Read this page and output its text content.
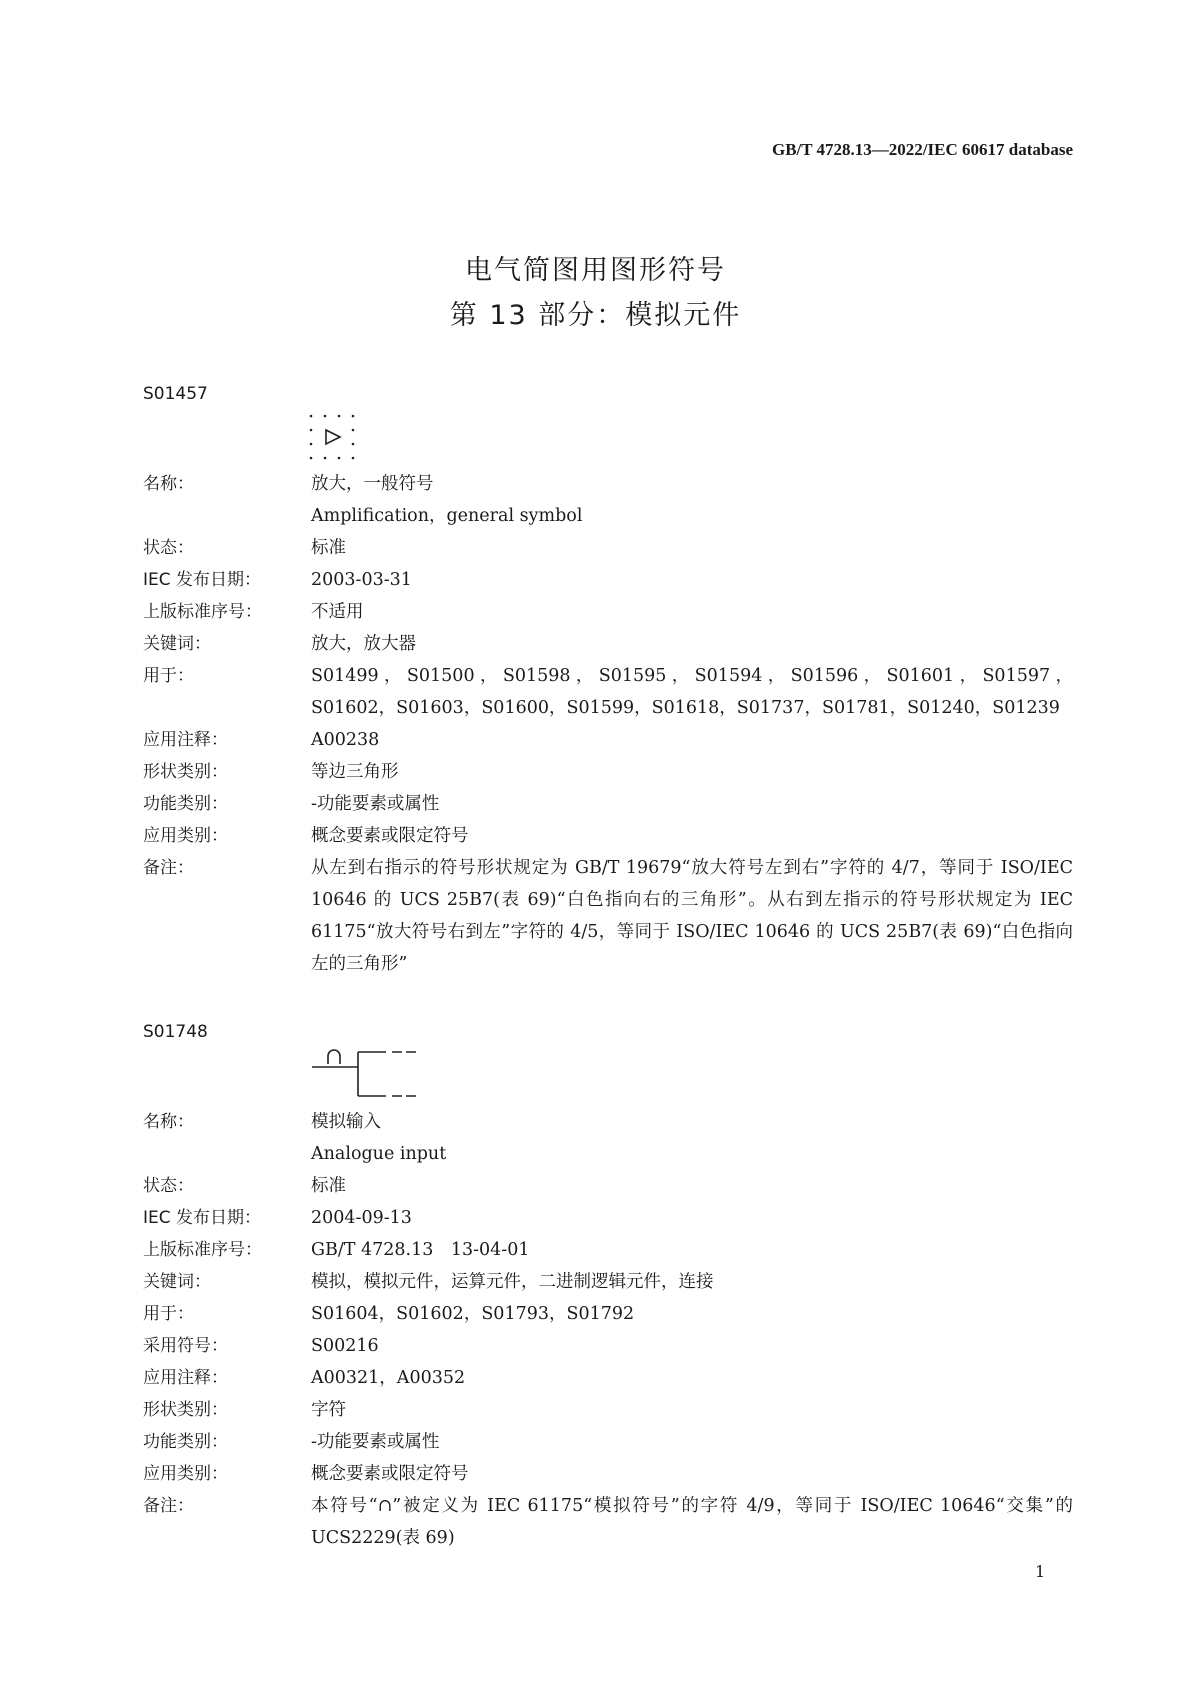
GB/T 4728.13—2022/IEC 60617 database
电气简图用图形符号
第 13 部分：模拟元件
S01457
名称：	放大，一般符号
Amplification，general symbol
状态：	标准
IEC 发布日期：	2003-03-31
上版标准序号：	不适用
关键词：	放大，放大器
用于：	S01499，S01500，S01598，S01595，S01594，S01596，S01601，S01597，S01602，S01603，S01600，S01599，S01618，S01737，S01781，S01240，S01239
应用注释：	A00238
形状类别：	等边三角形
功能类别：	-功能要素或属性
应用类别：	概念要素或限定符号
备注：	从左到右指示的符号形状规定为 GB/T 19679“放大符号左到右”字符的 4/7，等同于 ISO/IEC 10646 的 UCS 25B7(表 69)“白色指向右的三角形”。从右到左指示的符号形状规定为 IEC 61175“放大符号右到左”字符的 4/5，等同于 ISO/IEC 10646 的 UCS 25B7(表 69)“白色指向左的三角形”
S01748
名称：	模拟输入
Analogue input
状态：	标准
IEC 发布日期：	2004-09-13
上版标准序号：	GB/T 4728.13　13-04-01
关键词：	模拟，模拟元件，运算元件，二进制逻辑元件，连接
用于：	S01604，S01602，S01793，S01792
采用符号：	S00216
应用注释：	A00321，A00352
形状类别：	字符
功能类别：	-功能要素或属性
应用类别：	概念要素或限定符号
备注：	本符号“∩”被定义为 IEC 61175“模拟符号”的字符 4/9，等同于 ISO/IEC 10646“交集”的 UCS2229(表 69)
1
